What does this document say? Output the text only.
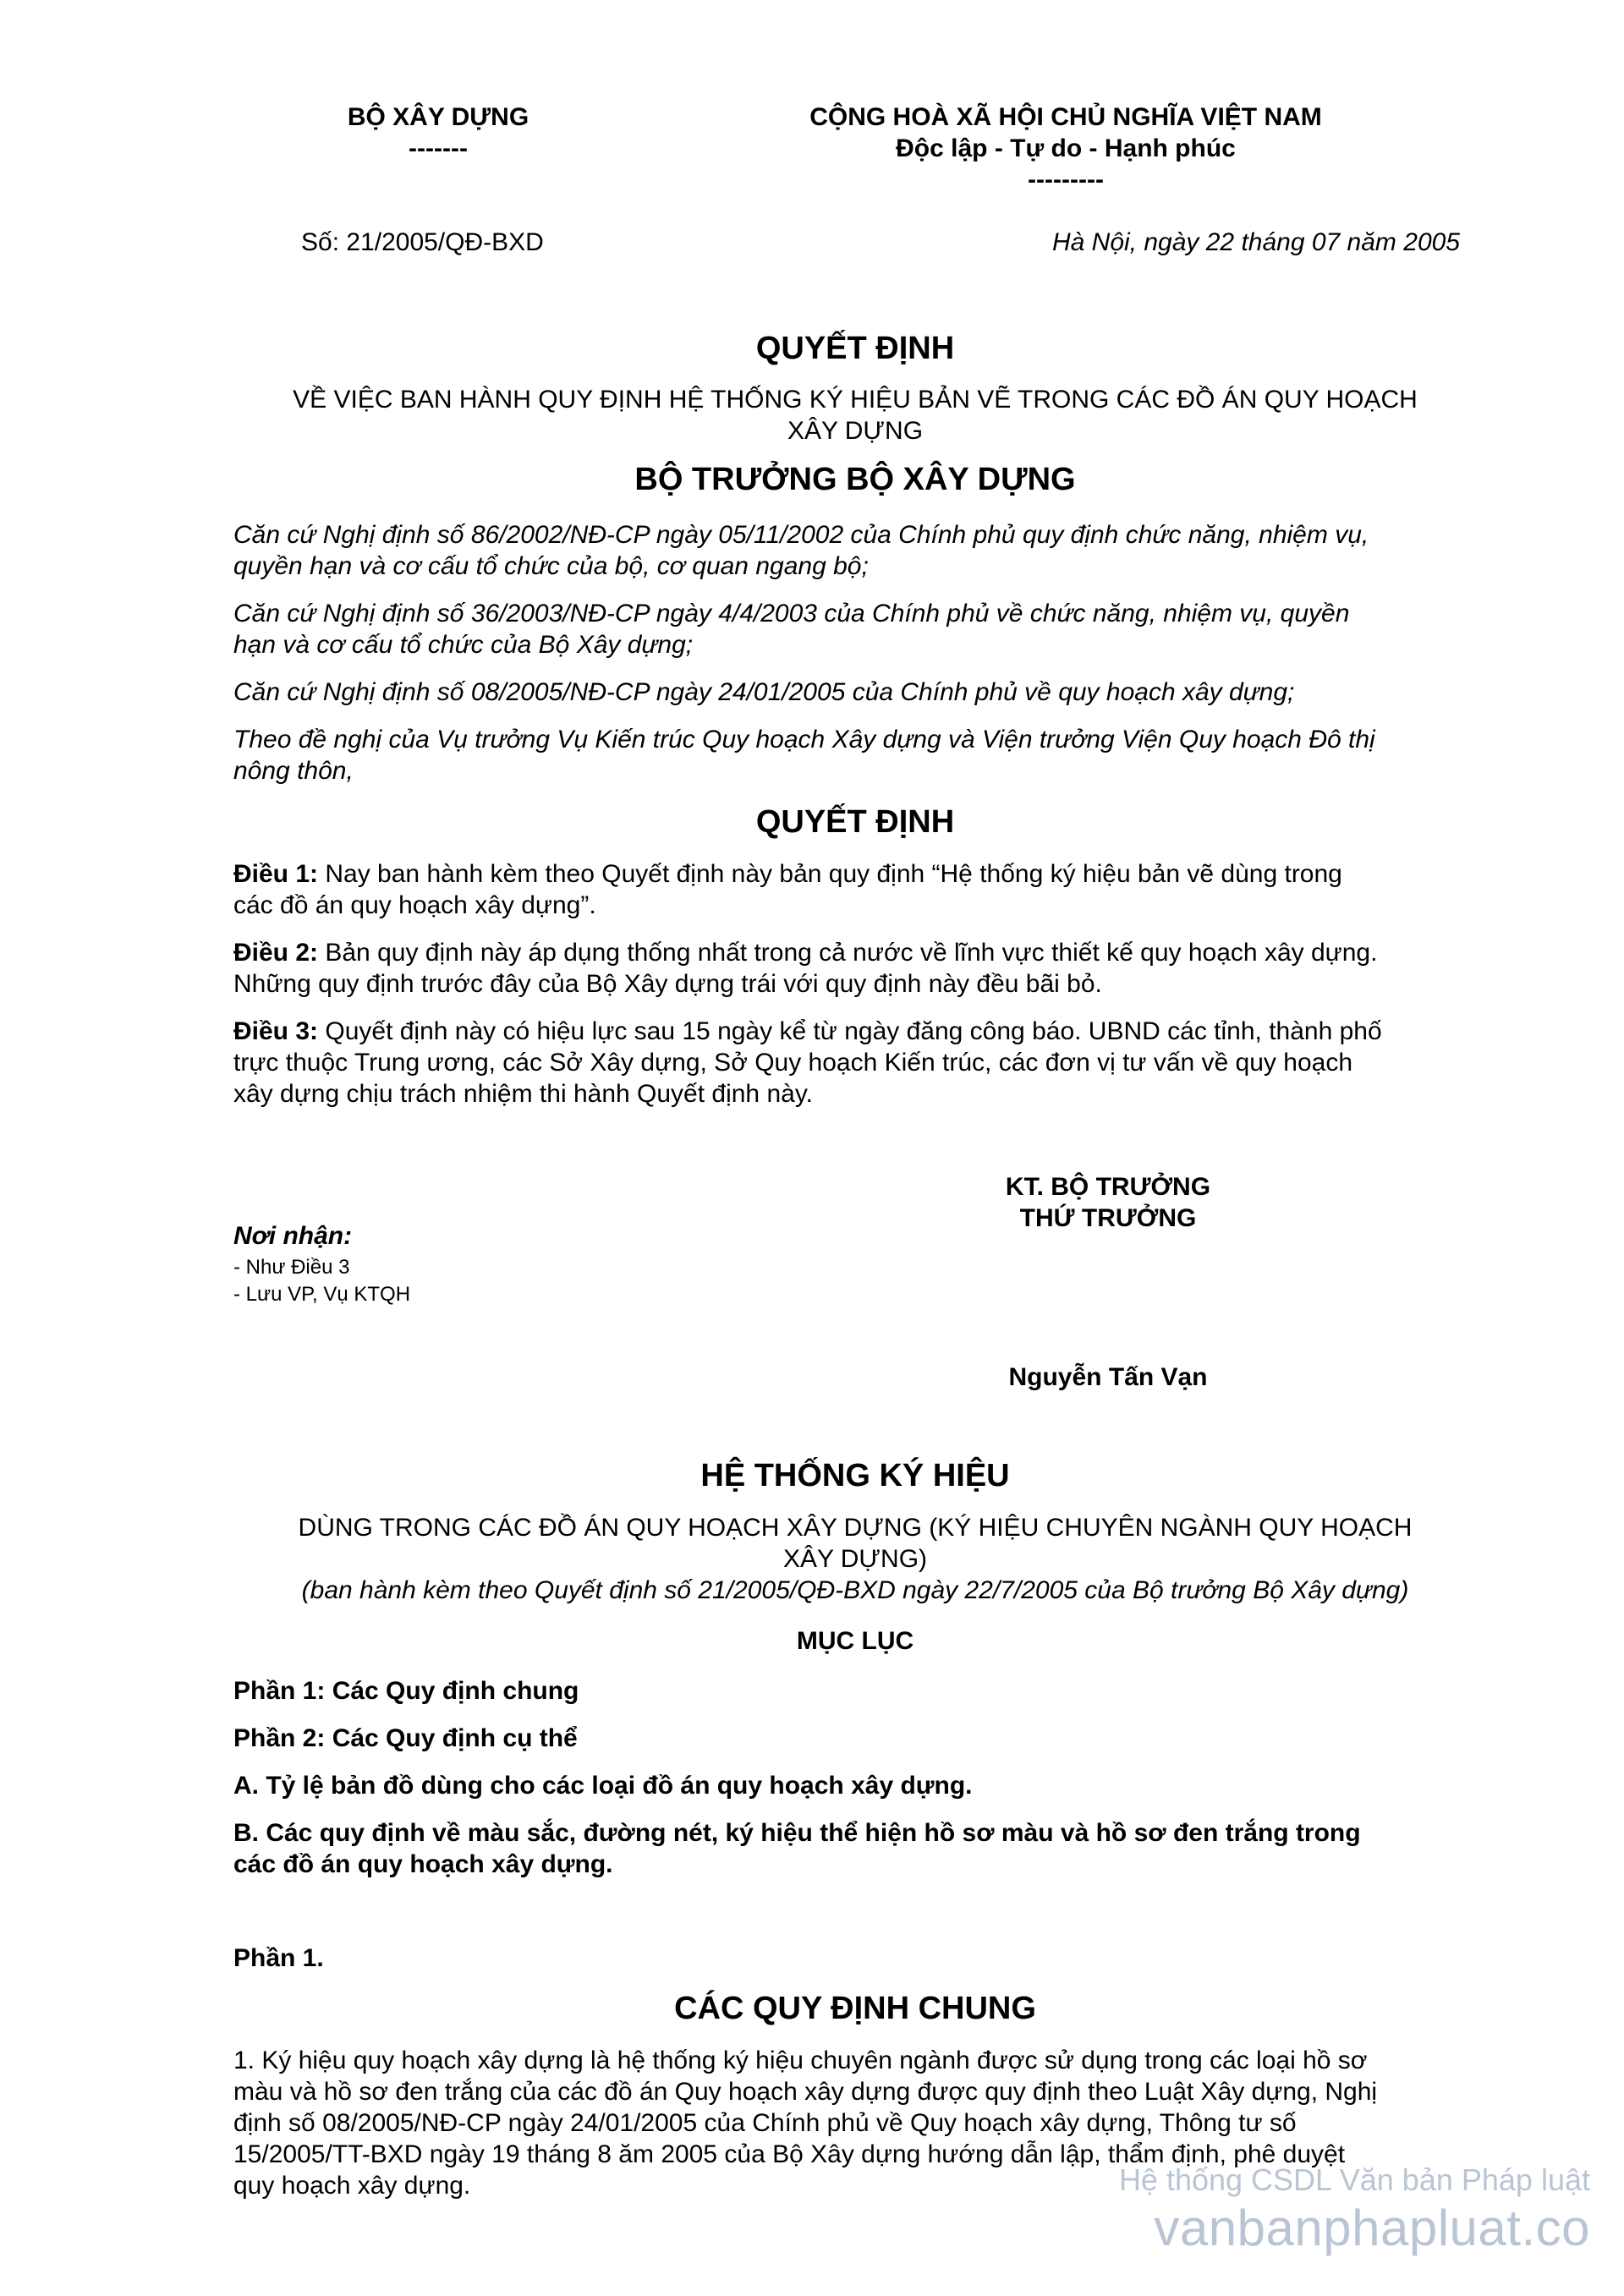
BỘ XÂY DỰNG
-------
CỘNG HOÀ XÃ HỘI CHỦ NGHĨA VIỆT NAM
Độc lập - Tự do - Hạnh phúc
---------
Số: 21/2005/QĐ-BXD	Hà Nội, ngày 22 tháng 07 năm 2005
QUYẾT ĐỊNH
VỀ VIỆC BAN HÀNH QUY ĐỊNH HỆ THỐNG KÝ HIỆU BẢN VẼ TRONG CÁC ĐỒ ÁN QUY HOẠCH
XÂY DỰNG
BỘ TRƯỞNG BỘ XÂY DỰNG
Căn cứ Nghị định số 86/2002/NĐ-CP ngày 05/11/2002 của Chính phủ quy định chức năng, nhiệm vụ,
quyền hạn và cơ cấu tổ chức của bộ, cơ quan ngang bộ;
Căn cứ Nghị định số 36/2003/NĐ-CP ngày 4/4/2003 của Chính phủ về chức năng, nhiệm vụ, quyền
hạn và cơ cấu tổ chức của Bộ Xây dựng;
Căn cứ Nghị định số 08/2005/NĐ-CP ngày 24/01/2005 của Chính phủ về quy hoạch xây dựng;
Theo đề nghị của Vụ trưởng Vụ Kiến trúc Quy hoạch Xây dựng và Viện trưởng Viện Quy hoạch Đô thị
nông thôn,
QUYẾT ĐỊNH
Điều 1: Nay ban hành kèm theo Quyết định này bản quy định “Hệ thống ký hiệu bản vẽ dùng trong
các đồ án quy hoạch xây dựng”.
Điều 2: Bản quy định này áp dụng thống nhất trong cả nước về lĩnh vực thiết kế quy hoạch xây dựng.
Những quy định trước đây của Bộ Xây dựng trái với quy định này đều bãi bỏ.
Điều 3: Quyết định này có hiệu lực sau 15 ngày kể từ ngày đăng công báo. UBND các tỉnh, thành phố
trực thuộc Trung ương, các Sở Xây dựng, Sở Quy hoạch Kiến trúc, các đơn vị tư vấn về quy hoạch
xây dựng chịu trách nhiệm thi hành Quyết định này.
KT. BỘ TRƯỞNG
THỨ TRƯỞNG
Nguyễn Tấn Vạn
Nơi nhận:
- Như Điều 3
- Lưu VP, Vụ KTQH
HỆ THỐNG KÝ HIỆU
DÙNG TRONG CÁC ĐỒ ÁN QUY HOẠCH XÂY DỰNG (KÝ HIỆU CHUYÊN NGÀNH QUY HOẠCH
XÂY DỰNG)
(ban hành kèm theo Quyết định số 21/2005/QĐ-BXD ngày 22/7/2005 của Bộ trưởng Bộ Xây dựng)
MỤC LỤC
Phần 1: Các Quy định chung
Phần 2: Các Quy định cụ thể
A. Tỷ lệ bản đồ dùng cho các loại đồ án quy hoạch xây dựng.
B. Các quy định về màu sắc, đường nét, ký hiệu thể hiện hồ sơ màu và hồ sơ đen trắng trong
các đồ án quy hoạch xây dựng.
Phần 1.
CÁC QUY ĐỊNH CHUNG
1. Ký hiệu quy hoạch xây dựng là hệ thống ký hiệu chuyên ngành được sử dụng trong các loại hồ sơ
màu và hồ sơ đen trắng của các đồ án Quy hoạch xây dựng được quy định theo Luật Xây dựng, Nghị
định số 08/2005/NĐ-CP ngày 24/01/2005 của Chính phủ về Quy hoạch xây dựng, Thông tư số
15/2005/TT-BXD ngày 19 tháng 8 ăm 2005 của Bộ Xây dựng hướng dẫn lập, thẩm định, phê duyệt
quy hoạch xây dựng.	Hệ thống CSDL Văn bản Pháp luật
vanbanphapluat.co
